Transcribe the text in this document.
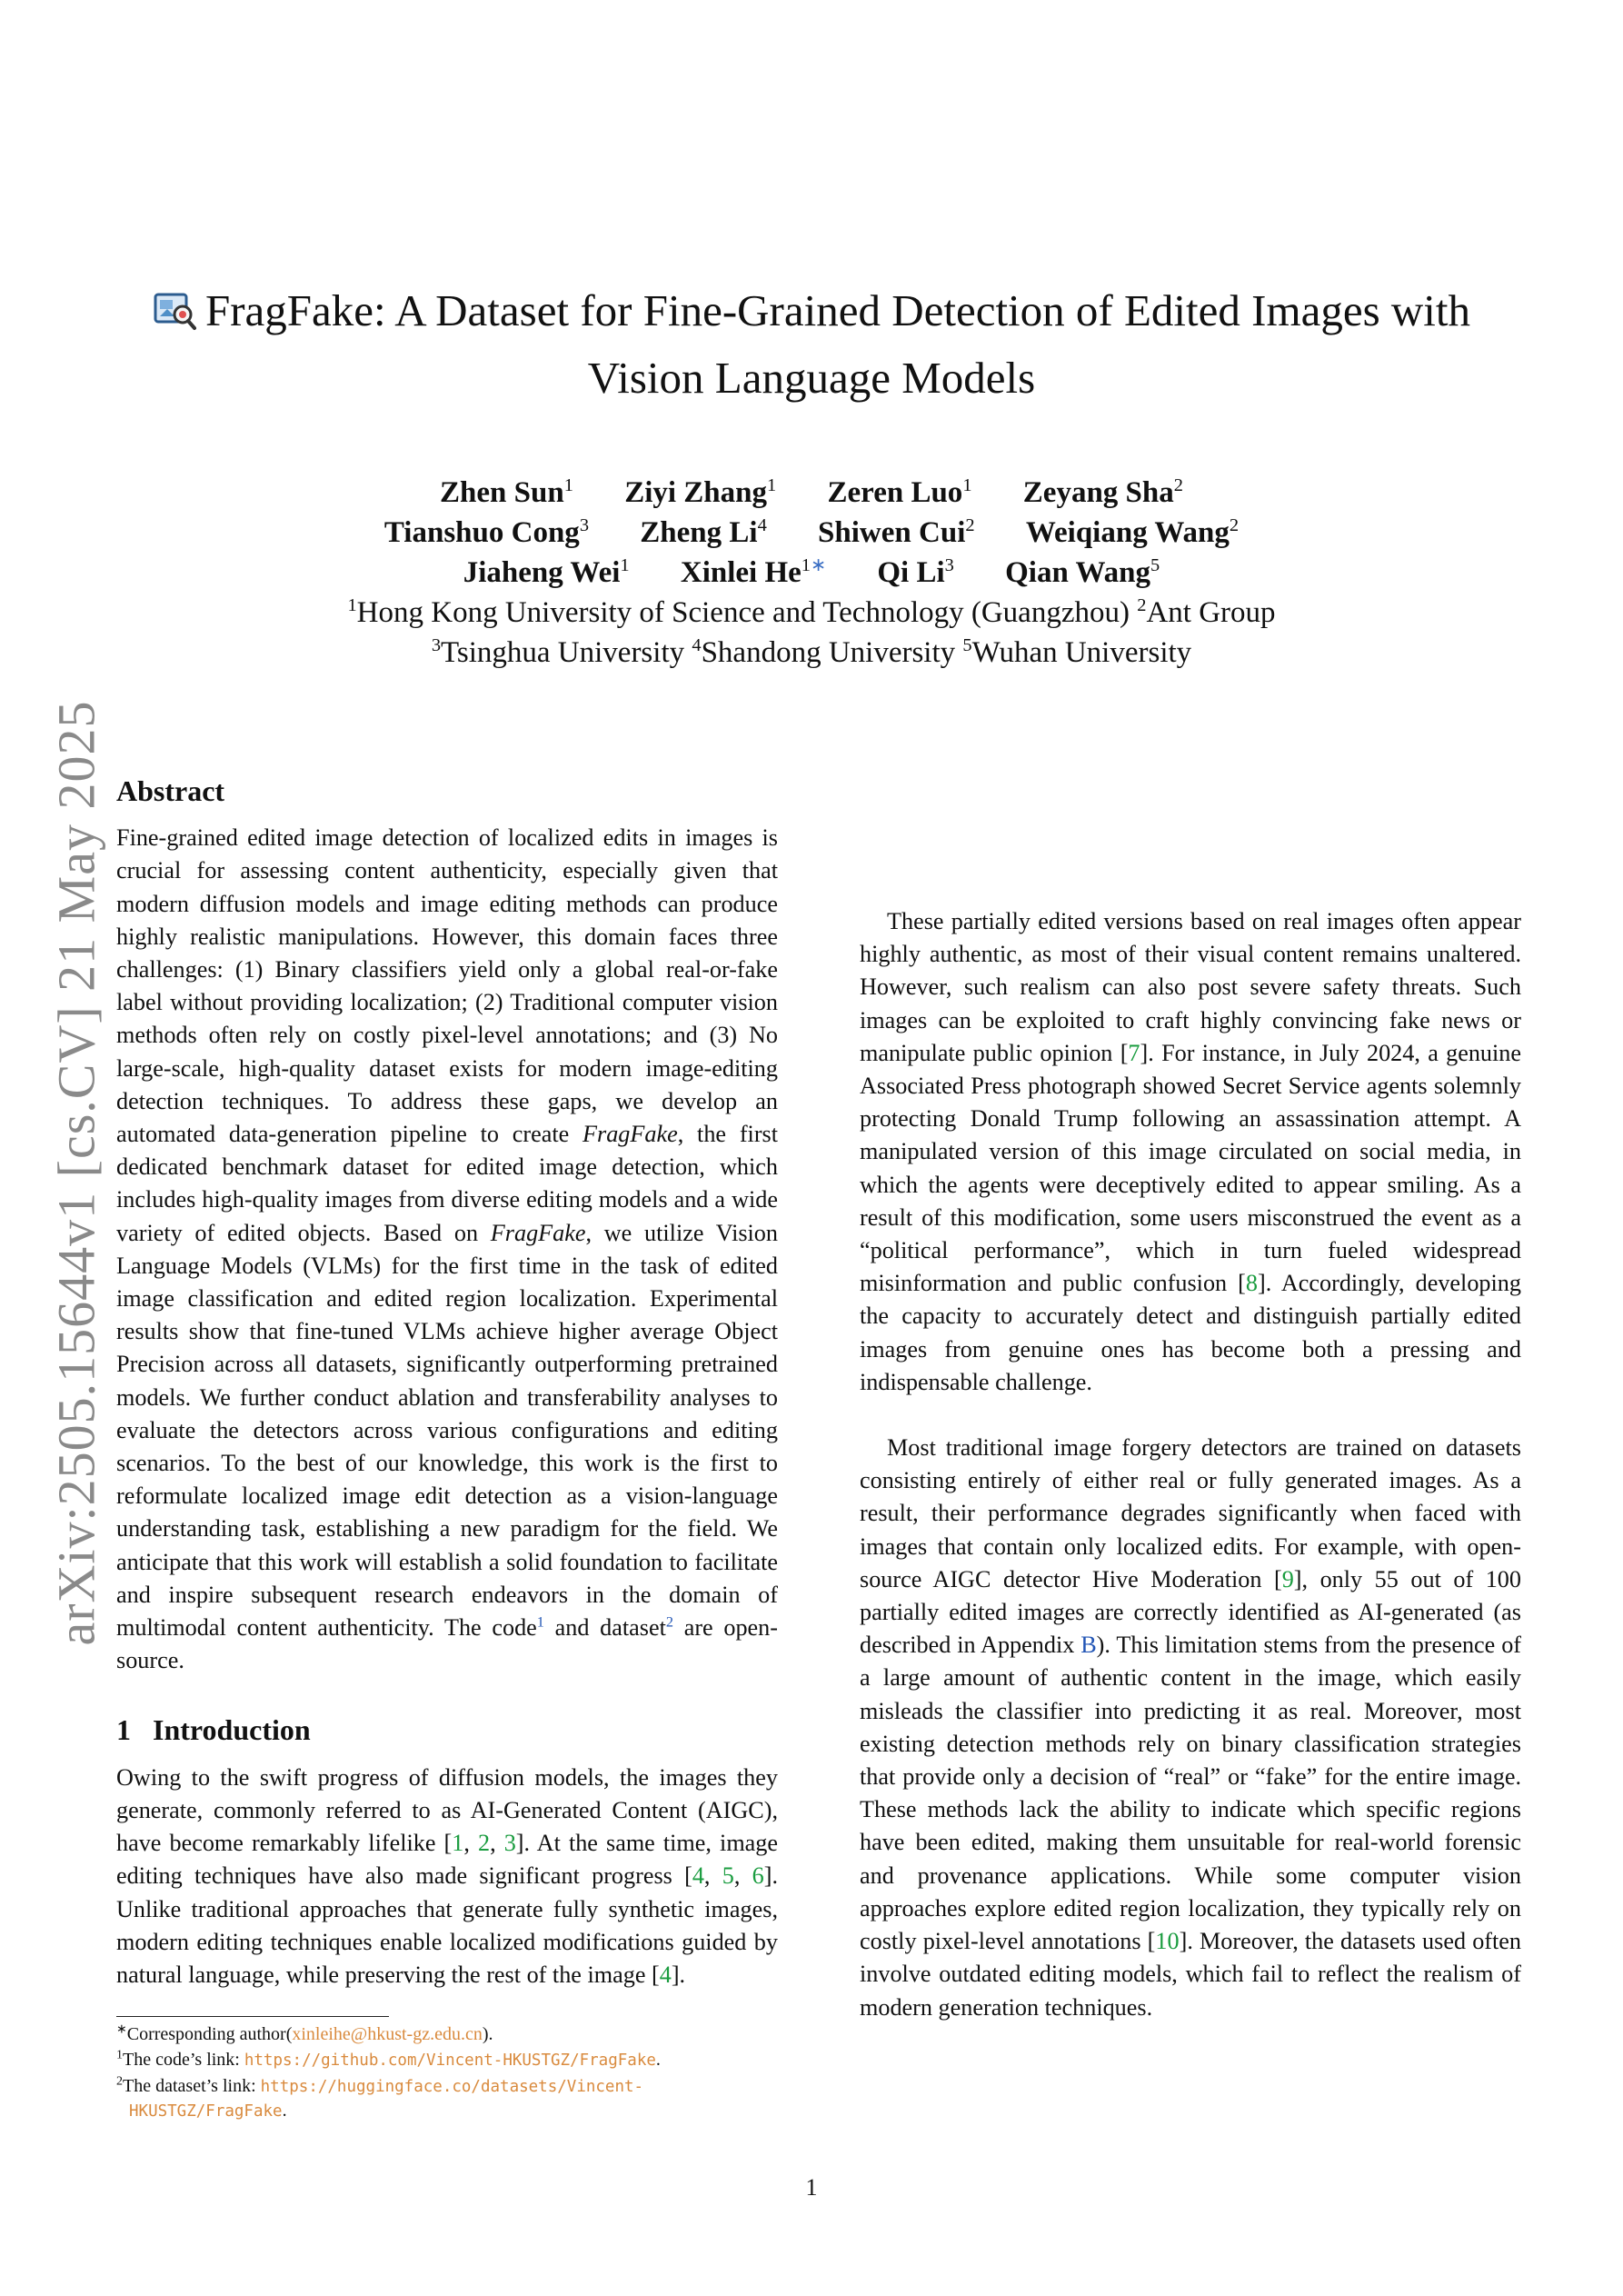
arXiv:2505.15644v1 [cs.CV] 21 May 2025
FragFake: A Dataset for Fine-Grained Detection of Edited Images with
Vision Language Models
Zhen Sun$^1$ Ziyi Zhang$^1$ Zeren Luo$^1$ Zeyang Sha$^2$
Tianshuo Cong$^3$ Zheng Li$^4$ Shiwen Cui$^2$ Weiqiang Wang$^2$
Jiaheng Wei$^1$ Xinlei $He^{1∗}$ Qi Li$^3$ Qian Wang$^5$
$^1$Hong Kong University of Science and Technology (Guangzhou) $^2$Ant Group
$^3$Tsinghua University $^4$Shandong University $^5$Wuhan University
Abstract

Fine-grained edited image detection of localized edits in images is crucial for assessing content authenticity, especially given that modern diffusion models and image editing methods can produce highly realistic manipulations. However, this domain faces three challenges: (1) Binary classifiers yield only a global real-or-fake label without providing localization; (2) Traditional computer vision methods often rely on costly pixel-level annotations; and (3) No large-scale, high-quality dataset exists for modern image-editing detection techniques. To address these gaps, we develop an automated data-generation pipeline to create FragFake, the first dedicated benchmark dataset for edited image detection, which includes high-quality images from diverse editing models and a wide variety of edited objects. Based on FragFake, we utilize Vision Language Models (VLMs) for the first time in the task of edited image classification and edited region localization. Experimental results show that fine-tuned VLMs achieve higher average Object Precision across all datasets, significantly outperforming pretrained models. We further conduct ablation and transferability analyses to evaluate the detectors across various configurations and editing scenarios. To the best of our knowledge, this work is the first to reformulate localized image edit detection as a vision-language understanding task, establishing a new paradigm for the field. We anticipate that this work will establish a solid foundation to facilitate and inspire subsequent research endeavors in the domain of multimodal content authenticity. The code$^1$ and dataset$^2$ are open-source.

1 Introduction

Owing to the swift progress of diffusion models, the images they generate, commonly referred to as AI-Generated Content (AIGC), have become remarkably lifelike [1, 2, 3]. At the same time, image editing techniques have also made significant progress [4, 5, 6]. Unlike traditional approaches that generate fully synthetic images, modern editing techniques enable localized modifications guided by natural language, while preserving the rest of the image [4].

∗Corresponding author(xinleihe@hkust-gz.edu.cn).

$^1$The code’s link: https://github.com/Vincent-HKUSTGZ/FragFake.

$^2$The dataset’s link: https://huggingface.co/datasets/Vincent-HKUSTGZ/FragFake.

These partially edited versions based on real images often appear highly authentic, as most of their visual content remains unaltered. However, such realism can also post severe safety threats. Such images can be exploited to craft highly convincing fake news or manipulate public opinion [7]. For instance, in July 2024, a genuine Associated Press photograph showed Secret Service agents solemnly protecting Donald Trump following an assassination attempt. A manipulated version of this image circulated on social media, in which the agents were deceptively edited to appear smiling. As a result of this modification, some users misconstrued the event as a “political performance”, which in turn fueled widespread misinformation and public confusion [8]. Accordingly, developing the capacity to accurately detect and distinguish partially edited images from genuine ones has become both a pressing and indispensable challenge.

Most traditional image forgery detectors are trained on datasets consisting entirely of either real or fully generated images. As a result, their performance degrades significantly when faced with images that contain only localized edits. For example, with open-source AIGC detector Hive Moderation [9], only 55 out of 100 partially edited images are correctly identified as AI-generated (as described in Appendix B). This limitation stems from the presence of a large amount of authentic content in the image, which easily misleads the classifier into predicting it as real. Moreover, most existing detection methods rely on binary classification strategies that provide only a decision of “real” or “fake” for the entire image. These methods lack the ability to indicate which specific regions have been edited, making them unsuitable for real-world forensic and provenance applications. While some computer vision approaches explore edited region localization, they typically rely on costly pixel-level annotations [10]. Moreover, the datasets used often involve outdated editing models, which fail to reflect the realism of modern generation techniques.

1
